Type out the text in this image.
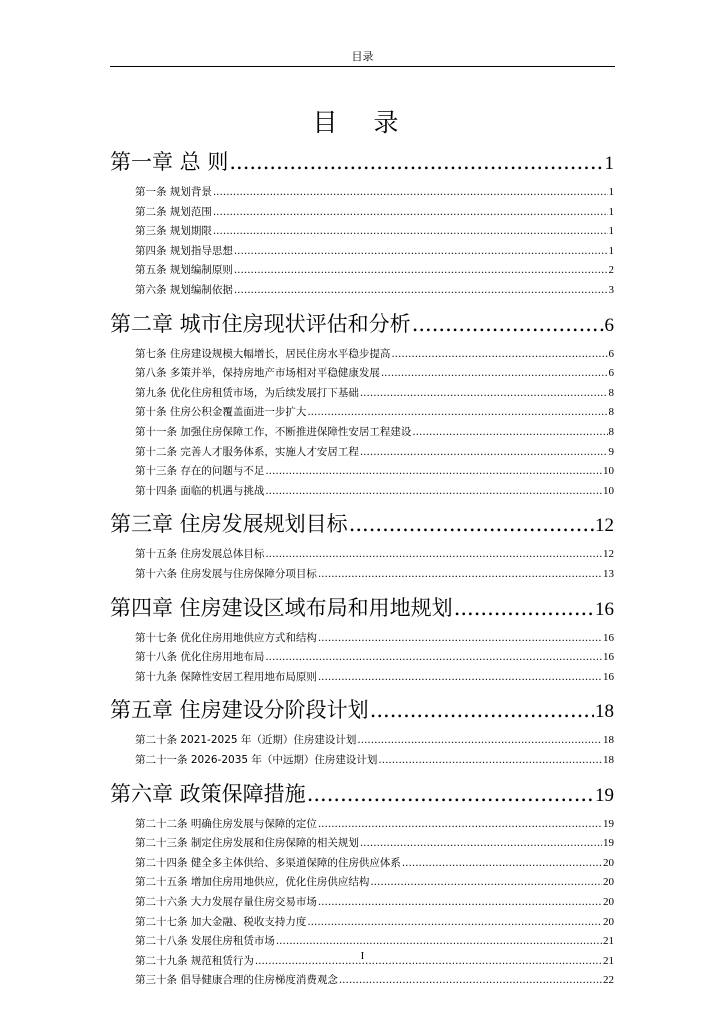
目录
目 录
第一章 总 则 .....	1
第一条 规划背景 .....	1
第二条 规划范围 .....	1
第三条 规划期限 .....	1
第四条 规划指导思想 .....	1
第五条 规划编制原则 .....	2
第六条 规划编制依据 .....	3
第二章 城市住房现状评估和分析 .....	6
第七条 住房建设规模大幅增长，居民住房水平稳步提高 .....	6
第八条 多策并举，保持房地产市场相对平稳健康发展 .....	6
第九条 优化住房租赁市场，为后续发展打下基础 .....	8
第十条 住房公积金覆盖面进一步扩大 .....	8
第十一条 加强住房保障工作，不断推进保障性安居工程建设 .....	8
第十二条 完善人才服务体系，实施人才安居工程 .....	9
第十三条 存在的问题与不足 .....	10
第十四条 面临的机遇与挑战 .....	10
第三章 住房发展规划目标 .....	12
第十五条 住房发展总体目标 .....	12
第十六条 住房发展与住房保障分项目标 .....	13
第四章 住房建设区域布局和用地规划 .....	16
第十七条 优化住房用地供应方式和结构 .....	16
第十八条 优化住房用地布局 .....	16
第十九条 保障性安居工程用地布局原则 .....	16
第五章 住房建设分阶段计划 .....	18
第二十条 2021-2025 年（近期）住房建设计划 .....	18
第二十一条 2026-2035 年（中远期）住房建设计划 .....	18
第六章 政策保障措施 .....	19
第二十二条 明确住房发展与保障的定位 .....	19
第二十三条 制定住房发展和住房保障的相关规划 .....	19
第二十四条 健全多主体供给、多渠道保障的住房供应体系 .....	20
第二十五条 增加住房用地供应，优化住房供应结构 .....	20
第二十六条 大力发展存量住房交易市场 .....	20
第二十七条 加大金融、税收支持力度 .....	20
第二十八条 发展住房租赁市场 .....	21
第二十九条 规范租赁行为 .....	21
第三十条 倡导健康合理的住房梯度消费观念 .....	22
I
